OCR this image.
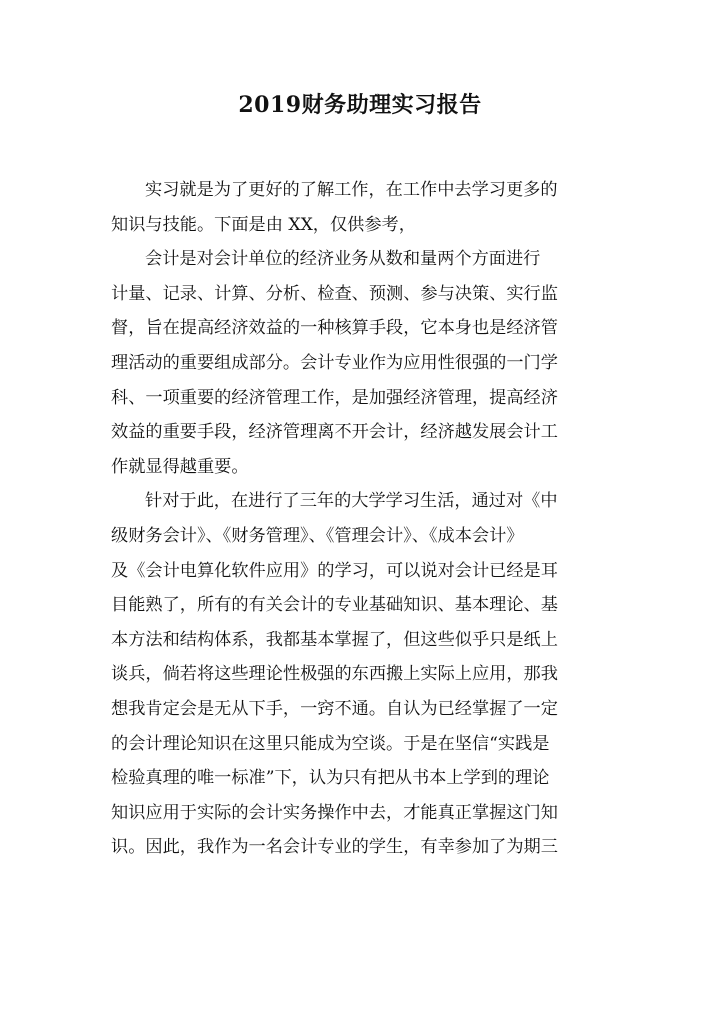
2019财务助理实习报告
实习就是为了更好的了解工作，在工作中去学习更多的
知识与技能。下面是由 XX，仅供参考，
会计是对会计单位的经济业务从数和量两个方面进行
计量、记录、计算、分析、检查、预测、参与决策、实行监
督，旨在提高经济效益的一种核算手段，它本身也是经济管
理活动的重要组成部分。会计专业作为应用性很强的一门学
科、一项重要的经济管理工作，是加强经济管理，提高经济
效益的重要手段，经济管理离不开会计，经济越发展会计工
作就显得越重要。
针对于此，在进行了三年的大学学习生活，通过对《中
级财务会计》、《财务管理》、《管理会计》、《成本会计》
及《会计电算化软件应用》的学习，可以说对会计已经是耳
目能熟了，所有的有关会计的专业基础知识、基本理论、基
本方法和结构体系，我都基本掌握了，但这些似乎只是纸上
谈兵，倘若将这些理论性极强的东西搬上实际上应用，那我
想我肯定会是无从下手，一窍不通。自认为已经掌握了一定
的会计理论知识在这里只能成为空谈。于是在坚信“实践是
检验真理的唯一标准”下，认为只有把从书本上学到的理论
知识应用于实际的会计实务操作中去，才能真正掌握这门知
识。因此，我作为一名会计专业的学生，有幸参加了为期三
